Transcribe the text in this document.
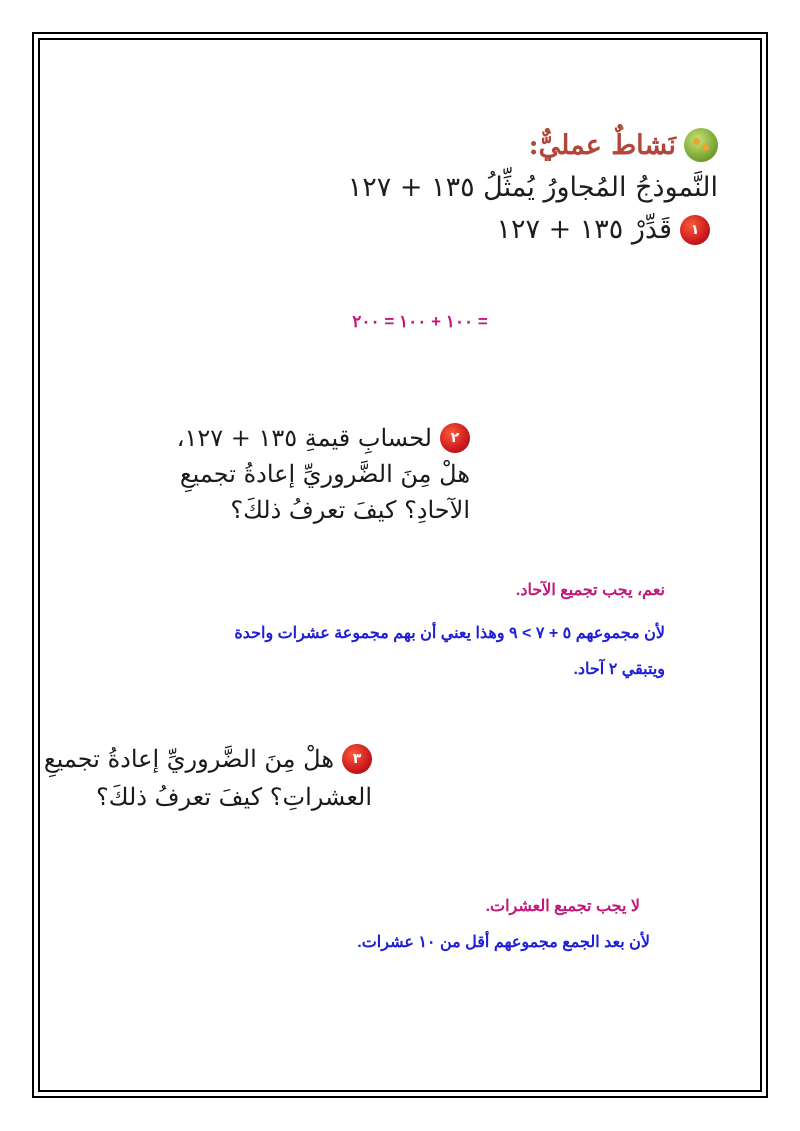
نَشاطٌ عمليٌّ:
النَّموذجُ المُجاورُ يُمثِّلُ ١٣٥ + ١٢٧
١
قَدِّرْ ١٣٥ + ١٢٧
= ١٠٠ + ١٠٠ = ٢٠٠
٢
لحسابِ قيمةِ ١٣٥ + ١٢٧،
هلْ مِنَ الضَّروريِّ إعادةُ تجميعِ
الآحادِ؟ كيفَ تعرفُ ذلكَ؟
نعم، يجب تجميع الآحاد.
لأن مجموعهم ٥ + ٧ > ٩ وهذا يعني أن بهم مجموعة عشرات واحدة
ويتبقي ٢ آحاد.
٣
هلْ مِنَ الضَّروريِّ إعادةُ تجميعِ
العشراتِ؟ كيفَ تعرفُ ذلكَ؟
لا يجب تجميع العشرات.
لأن بعد الجمع مجموعهم أقل من ١٠ عشرات.
